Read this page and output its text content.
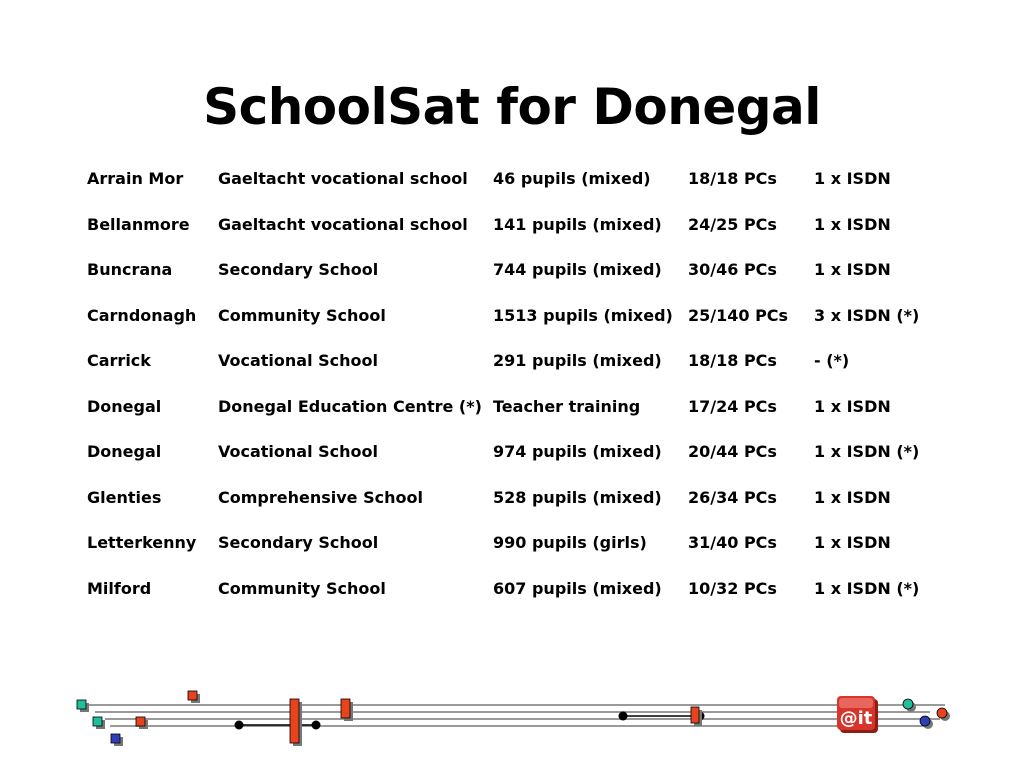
SchoolSat for Donegal
Arrain Mor	Gaeltacht vocational school	46 pupils (mixed)	18/18 PCs	1 x ISDN
Bellanmore	Gaeltacht vocational school	141 pupils (mixed)	24/25 PCs	1 x ISDN
Buncrana	Secondary School	744 pupils (mixed)	30/46 PCs	1 x ISDN
Carndonagh	Community School	1513 pupils (mixed)	25/140 PCs	3 x ISDN (*)
Carrick	Vocational School	291 pupils (mixed)	18/18 PCs	- (*)
Donegal	Donegal Education Centre (*)	Teacher training	17/24 PCs	1 x ISDN
Donegal	Vocational School	974 pupils (mixed)	20/44 PCs	1 x ISDN (*)
Glenties	Comprehensive School	528 pupils (mixed)	26/34 PCs	1 x ISDN
Letterkenny	Secondary School	990 pupils (girls)	31/40 PCs	1 x ISDN
Milford	Community School	607 pupils (mixed)	10/32 PCs	1 x ISDN (*)
@it
